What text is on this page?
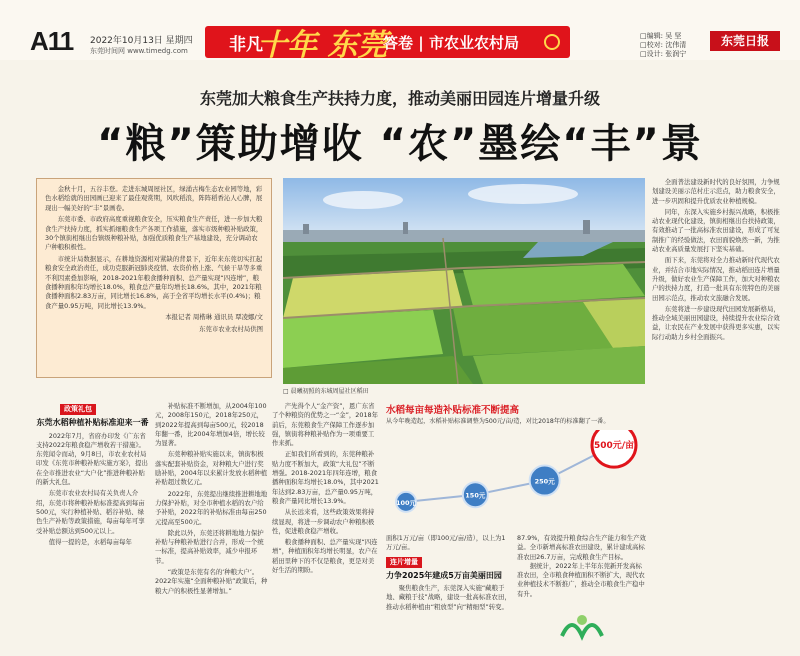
A11 2022年10月13日 星期四
东莞时间网 www.timedg.com 非凡
十年 东莞
答卷 | 市农业农村局	□编辑: 吴 坚
□校对: 沈伟清
□设计: 张润宁
东莞日报
东莞加大粮食生产扶持力度，推动美丽田园连片增量升级
“粮”策助增收 “农”墨绘“丰”景

金秋十月，五谷丰登。走进东城周屋社区，绿涌古梅生态农业园等地，彩色水稻绘就的田园画已迎来了最佳观赏期，风吹稻浪，阵阵稻香沁人心脾，展现出一幅美好的“丰”景画卷。

东莞市委、市政府高度重视粮食安全，压实粮食生产责任，进一步加大粮食生产扶持力度，抓实抓细粮食生产各项工作措施，落实市级种粮补贴政策，30个镇街相继出台镇级种粮补贴，加强优质粮食生产基地建设，充分调动农户种粮积极性。

市统计局数据显示，在耕地资源相对紧缺的背景下，近年来东莞切实扛起粮食安全政治责任，成功克服新冠肺炎疫情、农资价格上涨、气候干旱等多重不利因素叠加影响，2018-2021年粮食播种面积、总产量实现“四连增”，粮食播种面积年均增长18.0%，粮食总产量年均增长18.6%。其中，2021年粮食播种面积2.83万亩，同比增长16.8%，高于全省平均增长水平(0.4%)；粮食产量0.95万吨，同比增长13.9%。

本报记者 周楷琳 通讯员 覃凌娜/文

东莞市农业农村局供图

□ 晨曦初照的东城周屋社区稻田

全面普法建设新时代的良好氛围，力争规划建设美丽示范村庄示范点，助力粮食安全，进一步巩固和提升优质农业种植规模。

同年，东深入实施乡村振兴战略，积极推动农业现代化建设，镇街相继出台扶持政策，有效推动了一批高标准农田建设，形成了可复制推广的经验做法，农田面貌焕然一新，为推动农业高质量发展打下坚实基础。

面下来，东莞将对全力推动新时代现代农业，并结合市地实际情况，推动稻田连片增量升级，做好农业生产保障工作，加大对种粮农户的扶持力度，打造一批具有东莞特色的美丽田园示范点，推动农文旅融合发展。

东莞将进一步建设现代田园发展新格局，推动全域美丽田园建设，持续提升农业综合效益，让农民在产业发展中获得更多实惠，以实际行动助力乡村全面振兴。

政策礼包
东莞水稻种植补贴标准迎来一番

2022年7月，省府办印发《广东省支持2022年粮食稳产增收若干措施》。东莞闻令而动，9月8日，市农业农村局印发《东莞市种粮补贴实施方案》，提出在全市推进农业“大户化”推进种粮补贴的新大礼包。

东莞市农业农村局有关负责人介绍，东莞市将种粮补贴标准提高到每亩500元，实行种植补贴、稻谷补贴、绿色生产补贴等政策措施，每亩每年可享受补贴总额达到500元以上。

值得一提的是，水稻每亩每年

补贴标准不断增加，从2004年100元，2008年150元，2018年250元，到2022年提高到每亩500元，较2018年翻一番，比2004年增加4倍，增长较为显著。

东莞种粮补贴实施以来，镇街积极落实配套补贴资金，对种粮大户进行奖励补贴，2004年以来累计发放水稻种植补贴超过数亿元。

2022年，东莞提出继续推进耕地地力保护补贴，对全市种植水稻的农户给予补贴，2022年的补贴标准由每亩250元提高至500元。

除此以外，东莞还将耕地地力保护补贴与种粮补贴进行合并，形成一个统一标准，提高补贴效率，减少申报环节。

“政策是东莞有名的‘种粮大户’。2022年实施“全面种粮补贴”政策后，种粮大户的积极性显著增加。”

产先得个人“金产资”，恩广东省了个种粮资的优势之一“金”，2018年前后，东莞粮食生产保障工作逐步加强，镇街将种粮补贴作为一项重要工作来抓。

正如我们所看到的，东莞种粮补贴力度不断加大，政策“大礼包”不断增强。2018-2021年四年连增，粮食播种面积年均增长18.0%，其中2021年达到2.83万亩，总产量0.95万吨，粮食产量同比增长13.9%。

从长远来看，这些政策效果将持续显现，将进一步调动农户种粮积极性，促进粮食稳产增收。

粮食播种面积、总产量实现“四连增”，种植面积年均增长明显，农户在稻田里种下的不仅是粮食，更是对美好生活的期盼。

水稻每亩每造补贴标准不断提高
从今年晚造起，水稻补贴标准调整为500元/亩/造，对比2018年的标准翻了一番。
100元
150元
250元
500元/亩

面积1万元/亩（即100元/亩/造），以上为1万元/亩。

连片增量
力争2025年建成5万亩美丽田园

聚焦粮食生产，东莞深入实施“藏粮于地、藏粮于技”战略，建设一批高标准农田，推动水稻种植由“粗放型”向“精细型”转变。

87.9%，有效提升粮食综合生产能力和生产效益。全市新增高标准农田建设，累计建成高标准农田26.7万亩，完成粮食生产目标。

据统计，2022年上半年东莞新开发高标准农田，全市粮食种植面积不断扩大，现代农业种植技术不断推广，推动全市粮食生产稳中有升。
